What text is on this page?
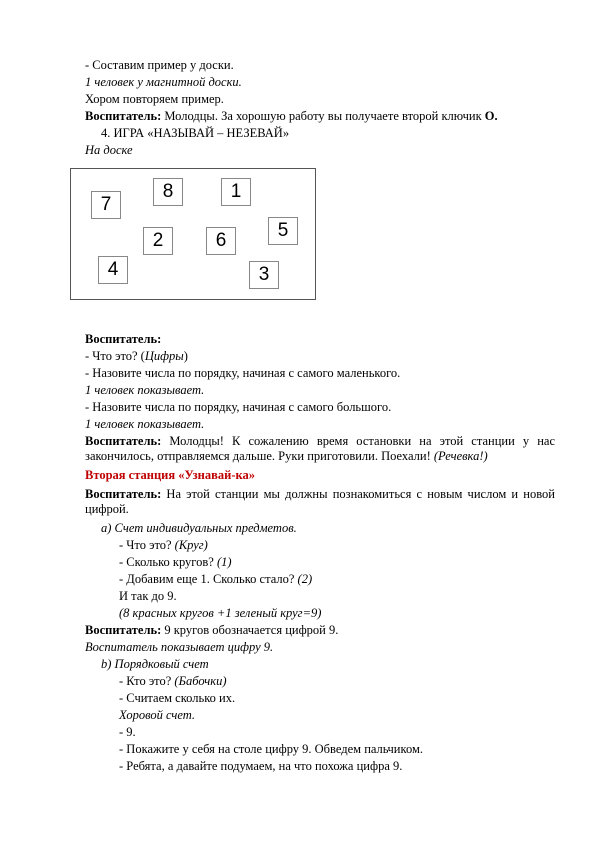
- Составим пример у доски.
1 человек у магнитной доски.
Хором повторяем пример.
Воспитатель: Молодцы. За хорошую работу вы получаете второй ключик О.
4. ИГРА «НАЗЫВАЙ – НЕЗЕВАЙ»
На доске
7
8	1
5
2	6
4	3
Воспитатель:
- Что это? (Цифры)
- Назовите числа по порядку, начиная с самого маленького.
1 человек показывает.
- Назовите числа по порядку, начиная с самого большого.
1 человек показывает.
Воспитатель: Молодцы! К сожалению время остановки на этой станции у нас закончилось, отправляемся дальше. Руки приготовили. Поехали! (Речевка!)
Вторая станция «Узнавай-ка»
Воспитатель: На этой станции мы должны познакомиться с новым числом и новой цифрой.
a) Счет индивидуальных предметов.
- Что это? (Круг)
- Сколько кругов? (1)
- Добавим еще 1. Сколько стало? (2)
И так до 9.
(8 красных кругов +1 зеленый круг=9)
Воспитатель: 9 кругов обозначается цифрой 9.
Воспитатель показывает цифру 9.
b) Порядковый счет
- Кто это? (Бабочки)
- Считаем сколько их.
Хоровой счет.
- 9.
- Покажите у себя на столе цифру 9. Обведем пальчиком.
- Ребята, а давайте подумаем, на что похожа цифра 9.
